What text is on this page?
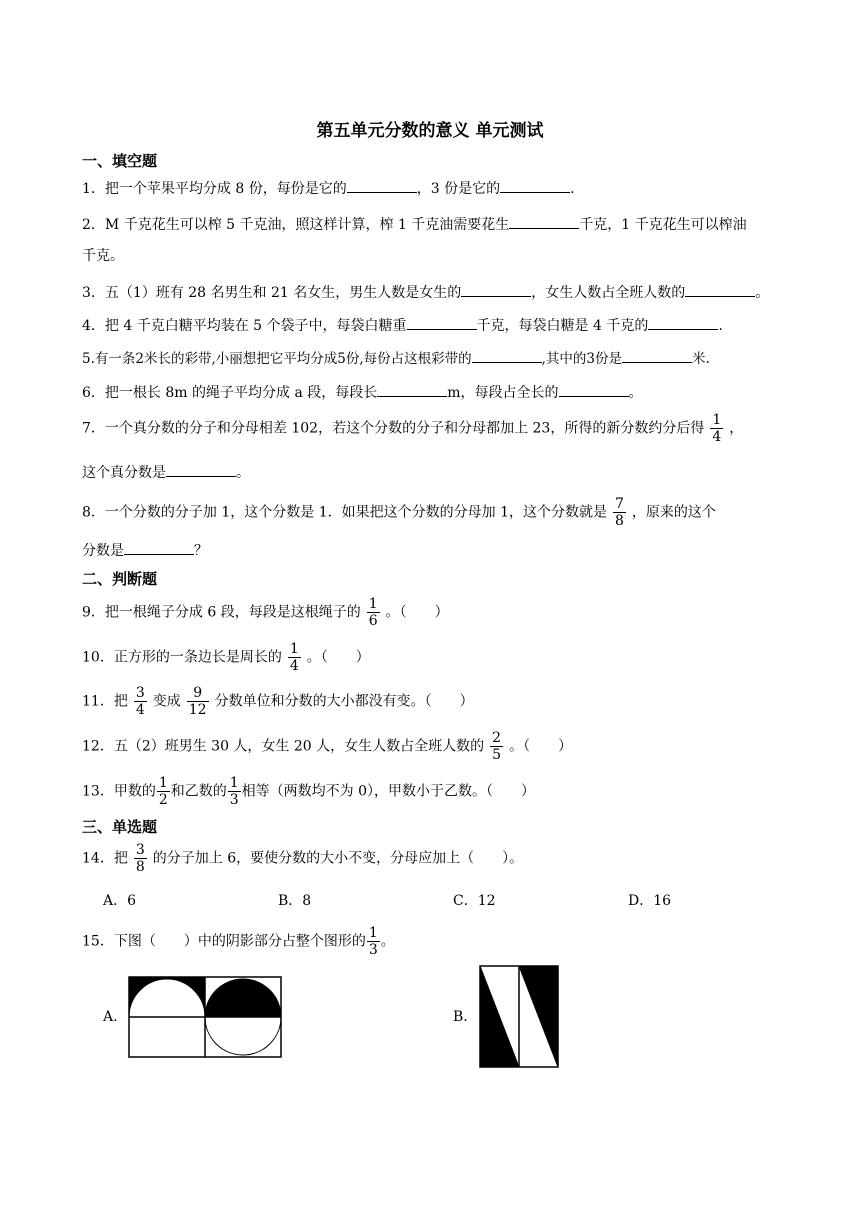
第五单元分数的意义 单元测试
一、填空题
1．把一个苹果平均分成 8 份，每份是它的	，3 份是它的	.
2．M 千克花生可以榨 5 千克油，照这样计算，榨 1 千克油需要花生	千克，1 千克花生可以榨油
千克。
3．五（1）班有 28 名男生和 21 名女生，男生人数是女生的	，女生人数占全班人数的	。
4．把 4 千克白糖平均装在 5 个袋子中，每袋白糖重	千克，每袋白糖是 4 千克的	.
5.有一条2米长的彩带,小丽想把它平均分成5份,每份占这根彩带的	,其中的3份是	米.
6．把一根长 8m 的绳子平均分成 a 段，每段长	m，每段占全长的	。
7．一个真分数的分子和分母相差 102，若这个分数的分子和分母都加上 23，所得的新分数约分后得 $\frac{1}{4}$ ，
这个真分数是	。
8．一个分数的分子加 1，这个分数是 1．如果把这个分数的分母加 1，这个分数就是 $\frac{7}{8}$ ，原来的这个
分数是	？
二、判断题
9．把一根绳子分成 6 段，每段是这根绳子的 $\frac{1}{6}$ 。（　　）
10．正方形的一条边长是周长的 $\frac{1}{4}$ 。（　　）
11．把 $\frac{3}{4}$ 变成 $\frac{9}{12}$ 分数单位和分数的大小都没有变。（　　）
12．五（2）班男生 30 人，女生 20 人，女生人数占全班人数的 $\frac{2}{5}$ 。（　　）
13．甲数的 $\frac{1}{2}$ 和乙数的 $\frac{1}{3}$ 相等（两数均不为 0），甲数小于乙数。（　　）
三、单选题
14．把 $\frac{3}{8}$ 的分子加上 6，要使分数的大小不变，分母应加上（　　）。
A．6	B．8	C．12	D．16
15．下图（　　）中的阴影部分占整个图形的 $\frac{1}{3}$ 。
A.	B.
